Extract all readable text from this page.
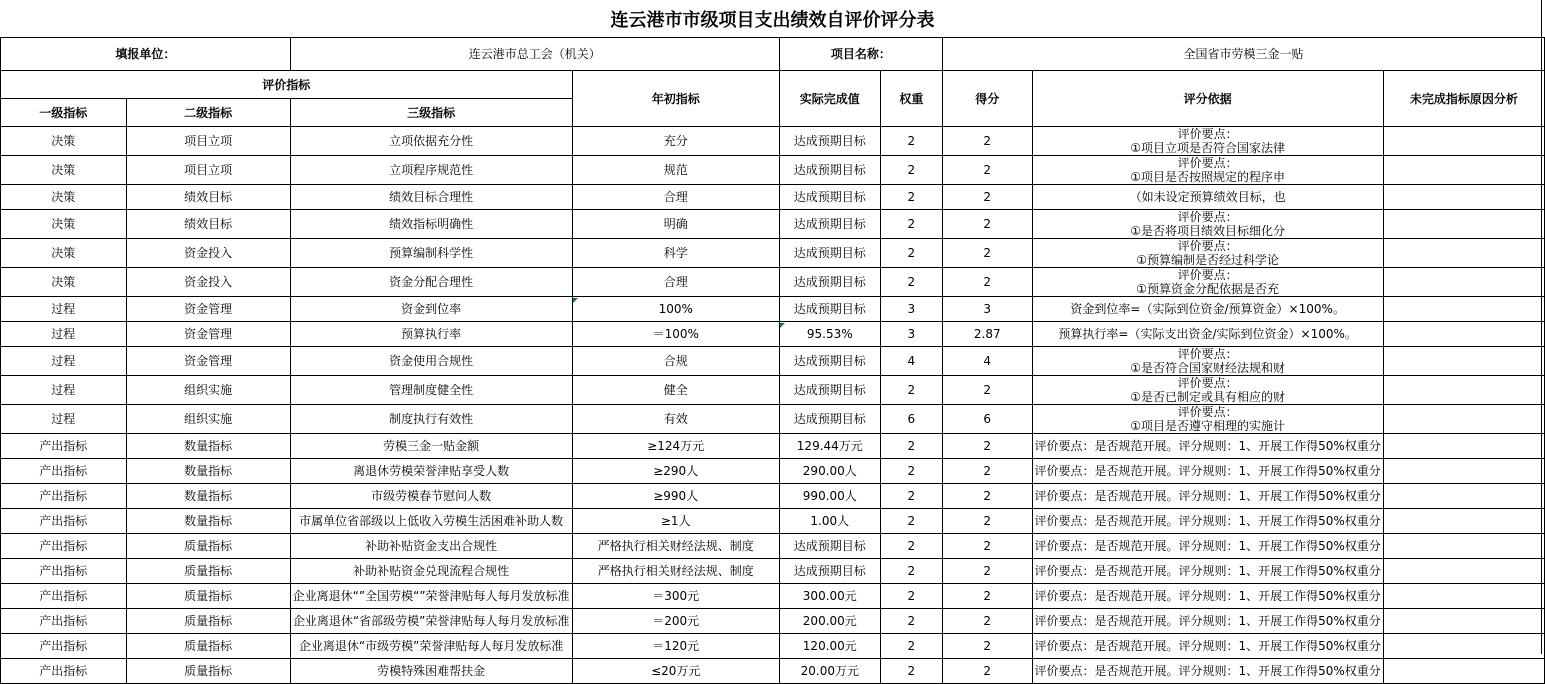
连云港市市级项目支出绩效自评价评分表
填报单位：		连云港市总工会（机关）		项目名称：		全国省市劳模三金一贴		
评价指标			年初指标	实际完成值	权重	得分	评分依据	未完成指标原因分析
一级指标	二级指标	三级指标						
决策	项目立项	立项依据充分性	充分	达成预期目标	2	2	评价要点：
①项目立项是否符合国家法律	
决策	项目立项	立项程序规范性	规范	达成预期目标	2	2	评价要点：
①项目是否按照规定的程序申	
决策	绩效目标	绩效目标合理性	合理	达成预期目标	2	2	（如未设定预算绩效目标，也	
决策	绩效目标	绩效指标明确性	明确	达成预期目标	2	2	评价要点：
①是否将项目绩效目标细化分	
决策	资金投入	预算编制科学性	科学	达成预期目标	2	2	评价要点：
①预算编制是否经过科学论	
决策	资金投入	资金分配合理性	合理	达成预期目标	2	2	评价要点：
①预算资金分配依据是否充	
过程	资金管理	资金到位率	100%	达成预期目标	3	3	资金到位率=（实际到位资金/预算资金）×100%。	
过程	资金管理	预算执行率	＝100%	95.53%	3	2.87	预算执行率=（实际支出资金/实际到位资金）×100%。	
过程	资金管理	资金使用合规性	合规	达成预期目标	4	4	评价要点：
①是否符合国家财经法规和财	
过程	组织实施	管理制度健全性	健全	达成预期目标	2	2	评价要点：
①是否已制定或具有相应的财	
过程	组织实施	制度执行有效性	有效	达成预期目标	6	6	评价要点：
①项目是否遵守相理的实施计	
产出指标	数量指标	劳模三金一贴金额	≥124万元	129.44万元	2	2	评价要点：是否规范开展。评分规则：1、开展工作得50%权重分	
产出指标	数量指标	离退休劳模荣誉津贴享受人数	≥290人	290.00人	2	2	评价要点：是否规范开展。评分规则：1、开展工作得50%权重分	
产出指标	数量指标	市级劳模春节慰问人数	≥990人	990.00人	2	2	评价要点：是否规范开展。评分规则：1、开展工作得50%权重分	
产出指标	数量指标	市属单位省部级以上低收入劳模生活困难补助人数	≥1人	1.00人	2	2	评价要点：是否规范开展。评分规则：1、开展工作得50%权重分	
产出指标	质量指标	补助补贴资金支出合规性	严格执行相关财经法规、制度	达成预期目标	2	2	评价要点：是否规范开展。评分规则：1、开展工作得50%权重分	
产出指标	质量指标	补助补贴资金兑现流程合规性	严格执行相关财经法规、制度	达成预期目标	2	2	评价要点：是否规范开展。评分规则：1、开展工作得50%权重分	
产出指标	质量指标	企业离退休“”全国劳模“”荣誉津贴每人每月发放标准	＝300元	300.00元	2	2	评价要点：是否规范开展。评分规则：1、开展工作得50%权重分	
产出指标	质量指标	企业离退休“省部级劳模”荣誉津贴每人每月发放标准	＝200元	200.00元	2	2	评价要点：是否规范开展。评分规则：1、开展工作得50%权重分	
产出指标	质量指标	企业离退休“市级劳模”荣誉津贴每人每月发放标准	＝120元	120.00元	2	2	评价要点：是否规范开展。评分规则：1、开展工作得50%权重分	
产出指标	质量指标	劳模特殊困难帮扶金	≤20万元	20.00万元	2	2	评价要点：是否规范开展。评分规则：1、开展工作得50%权重分	
